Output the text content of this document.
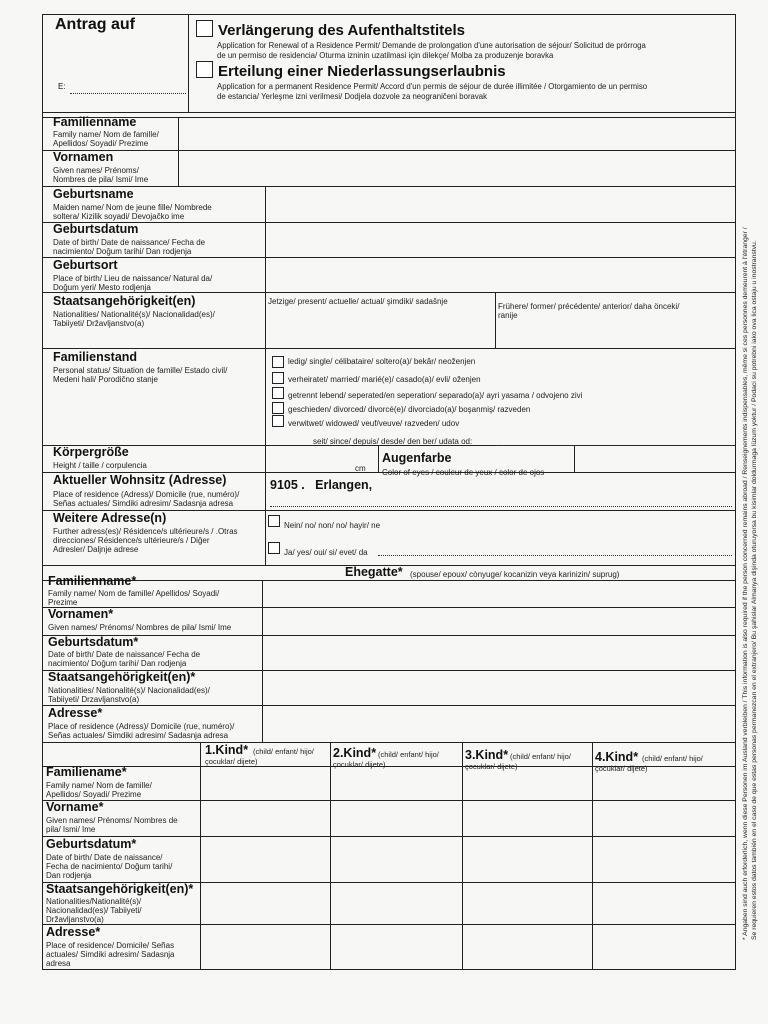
Antrag auf
E:
Verlängerung des Aufenthaltstitels
Application for Renewal of a Residence Permit/ Demande de prolongation d'une autorisation de séjour/ Solicitud de prórroga
de un permiso de residencia/ Oturma izninin uzatilmasi için dilekçe/ Molba za produzenje boravka
Erteilung einer Niederlassungserlaubnis
Application for a permanent Residence Permit/ Accord d'un permis de séjour de durée illimitée / Otorgamiento de un permiso
de estancia/ Yerleşme izni verilmesi/ Dodjela dozvole za neograničeni boravak
Familienname
Family name/ Nom de famille/
Apellidos/ Soyadi/ Prezime
Vornamen
Given names/ Prénoms/
Nombres de pila/ Ismi/ Ime
Geburtsname
Maiden name/ Nom de jeune fille/ Nombrede
soltera/ Kizilik soyadi/ Devojačko ime
Geburtsdatum
Date of birth/ Date de naissance/ Fecha de
nacimiento/ Doğum tarihi/ Dan rodjenja
Geburtsort
Place of birth/ Lieu de naissance/ Natural da/
Doğum yeri/ Mesto rodjenja
Staatsangehörigkeit(en)
Nationalities/ Nationalité(s)/ Nacionalidad(es)/
Tabiiyeti/ Državljanstvo(a)
Jetzige/ present/ actuelle/ actual/ şimdiki/ sadašnje
Frühere/ former/ précédente/ anterior/ daha önceki/
ranije
Familienstand
Personal status/ Situation de famille/ Estado civil/
Medeni hali/ Porodično stanje
ledig/ single/ célibataire/ soltero(a)/ bekâr/ neoženjen
verheiratet/ married/ marié(e)/ casado(a)/ evli/ oženjen
getrennt lebend/ seperated/en seperation/ separado(a)/ ayri yasama / odvojeno zivi
geschieden/ divorced/ divorcé(e)/ divorciado(a)/ boşanmiş/ razveden
verwitwet/ widowed/ veuf/veuve/ razveden/ udov
seit/ since/ depuis/ desde/ den ber/ udata od:
Körpergröße
Height / taille / corpulencia	cm
Augenfarbe
Color of eyes / couleur de yeux / color de ojos
Aktueller Wohnsitz (Adresse)
Place of residence (Adress)/ Domicile (rue, numéro)/
Señas actuales/ Simdiki adresim/ Sadasnja adresa
9105 .   Erlangen,
Weitere Adresse(n)
Further adress(es)/ Résidence/s ultérieure/s / .Otras
direcciones/ Résidence/s ultérieure/s / Diğer
Adresler/ Daljnje adrese
Nein/ no/ non/ no/ hayir/ ne
Ja/ yes/ oui/ si/ evet/ da
Ehegatte* (spouse/ epoux/ cònyuge/ kocanizin veya karinizin/ suprug)
Familienname*
Family name/ Nom de famille/ Apellidos/ Soyadi/
Prezime
Vornamen*
Given names/ Prénoms/ Nombres de pila/ Ismi/ Ime
Geburtsdatum*
Date of birth/ Date de naissance/ Fecha de
nacimiento/ Doğum tarihi/ Dan rodjenja
Staatsangehörigkeit(en)*
Nationalities/ Nationalité(s)/ Nacionalidad(es)/
Tabiiyeti/ Drzavljanstvo(a)
Adresse*
Place of residence (Adress)/ Domicile (rue, numéro)/
Señas actuales/ Simdiki adresim/ Sadasnja adresa
1.Kind* (child/ enfant/ hijo/
çocuklar/ dijete)
2.Kind* (child/ enfant/ hijo/
çocuklar/ dijete)
3.Kind* (child/ enfant/ hijo/
çocuklar/ dijete)
4.Kind* (child/ enfant/ hijo/
çocuklar/ dijete)
Familiename*
Family name/ Nom de famille/
Apellidos/ Soyadi/ Prezime
Vorname*
Given names/ Prénoms/ Nombres de
pila/ Ismi/ Ime
Geburtsdatum*
Date of birth/ Date de naissance/
Fecha de nacimiento/ Doğum tarihi/
Dan rodjenja
Staatsangehörigkeit(en)*
Nationalities/Nationalité(s)/
Nacionalidad(es)/ Tabiiyeti/
Državljanstvo(a)
Adresse*
Place of residence/ Domicile/ Señas
actuales/ Simdiki adresim/ Sadasnja
adresa
* Angaben sind auch erforderlich, wenn diese Personen im Ausland verbleiben / This information is also required if the person concerned remains abroad / Renseignements indispensables, même si ces personnes demeurent à l'étranger / Se requieren estos datos también en el caso de que estas personas permanezcan en el extranjero/ Bu şahislar Almanya dişinda oturuyorsa bu kisimlar doldurmaga lüzum yoktur / Podaci su potrebni iako ova lica ostaju u inostranstvu.
